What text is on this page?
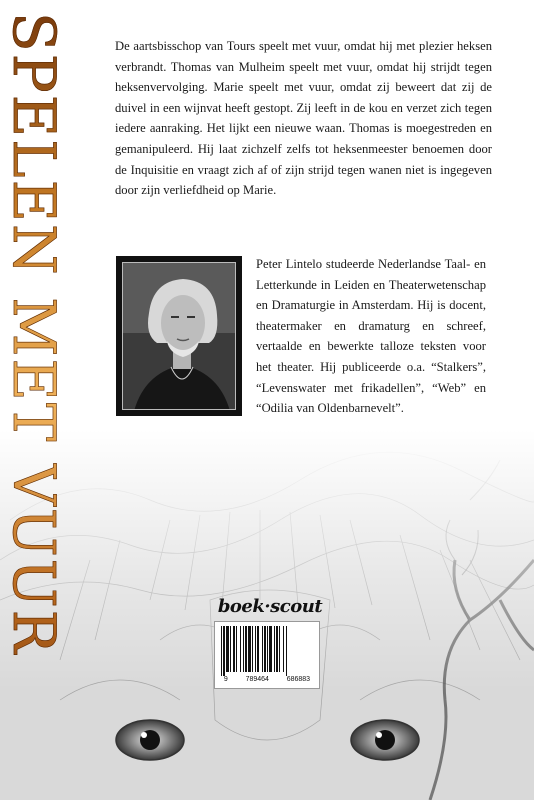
SPELEN MET VUUR	De aartsbisschop van Tours speelt met vuur, omdat hij met plezier heksen verbrandt. Thomas van Mulheim speelt met vuur, omdat hij strijdt tegen heksenvervolging. Marie speelt met vuur, omdat zij beweert dat zij de duivel in een wijnvat heeft gestopt. Zij leeft in de kou en verzet zich tegen iedere aanraking. Het lijkt een nieuwe waan. Thomas is moegestreden en gemanipuleerd. Hij laat zichzelf zelfs tot heksenmeester benoemen door de Inquisitie en vraagt zich af of zijn strijd tegen wanen niet is ingegeven door zijn verliefdheid op Marie.

Peter Lintelo studeerde Nederlandse Taal- en Letterkunde in Leiden en Theaterwetenschap en Dramaturgie in Amsterdam. Hij is docent, theatermaker en dramaturg en schreef, vertaalde en bewerkte talloze teksten voor het theater. Hij publiceerde o.a. “Stalkers”, “Levenswater met frikadellen”, “Web” en “Odilia van Oldenbarnevelt”.

boek·scout
9	789464	686883
